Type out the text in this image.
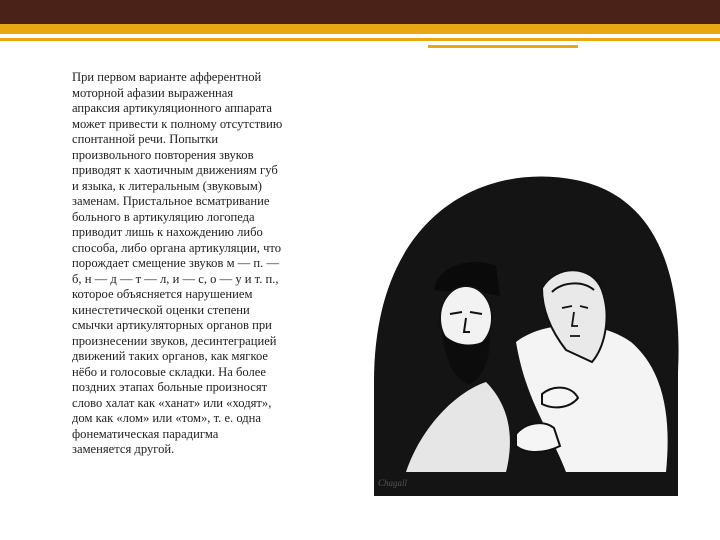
При первом варианте афферентной
моторной афазии выраженная
апраксия артикуляционного аппарата
может привести к полному отсутствию
спонтанной речи. Попытки
произвольного повторения звуков
приводят к хаотичным движениям губ
и языка, к литеральным (звуковым)
заменам. Пристальное всматривание
больного в артикуляцию логопеда
приводит лишь к нахождению либо
способа, либо органа артикуляции, что
порождает смещение звуков м — п. —
б, н — д — т — л, и — с, о — у и т. п.,
которое объясняется нарушением
кинестетической оценки степени
смычки артикуляторных органов при
произнесении звуков, десинтеграцией
движений таких органов, как мягкое
нёбо и голосовые складки. На более
поздних этапах больные произносят
слово халат как «ханат» или «ходят»,
дом как «лом» или «том», т. е. одна
фонематическая парадигма
заменяется другой.

Chagall
